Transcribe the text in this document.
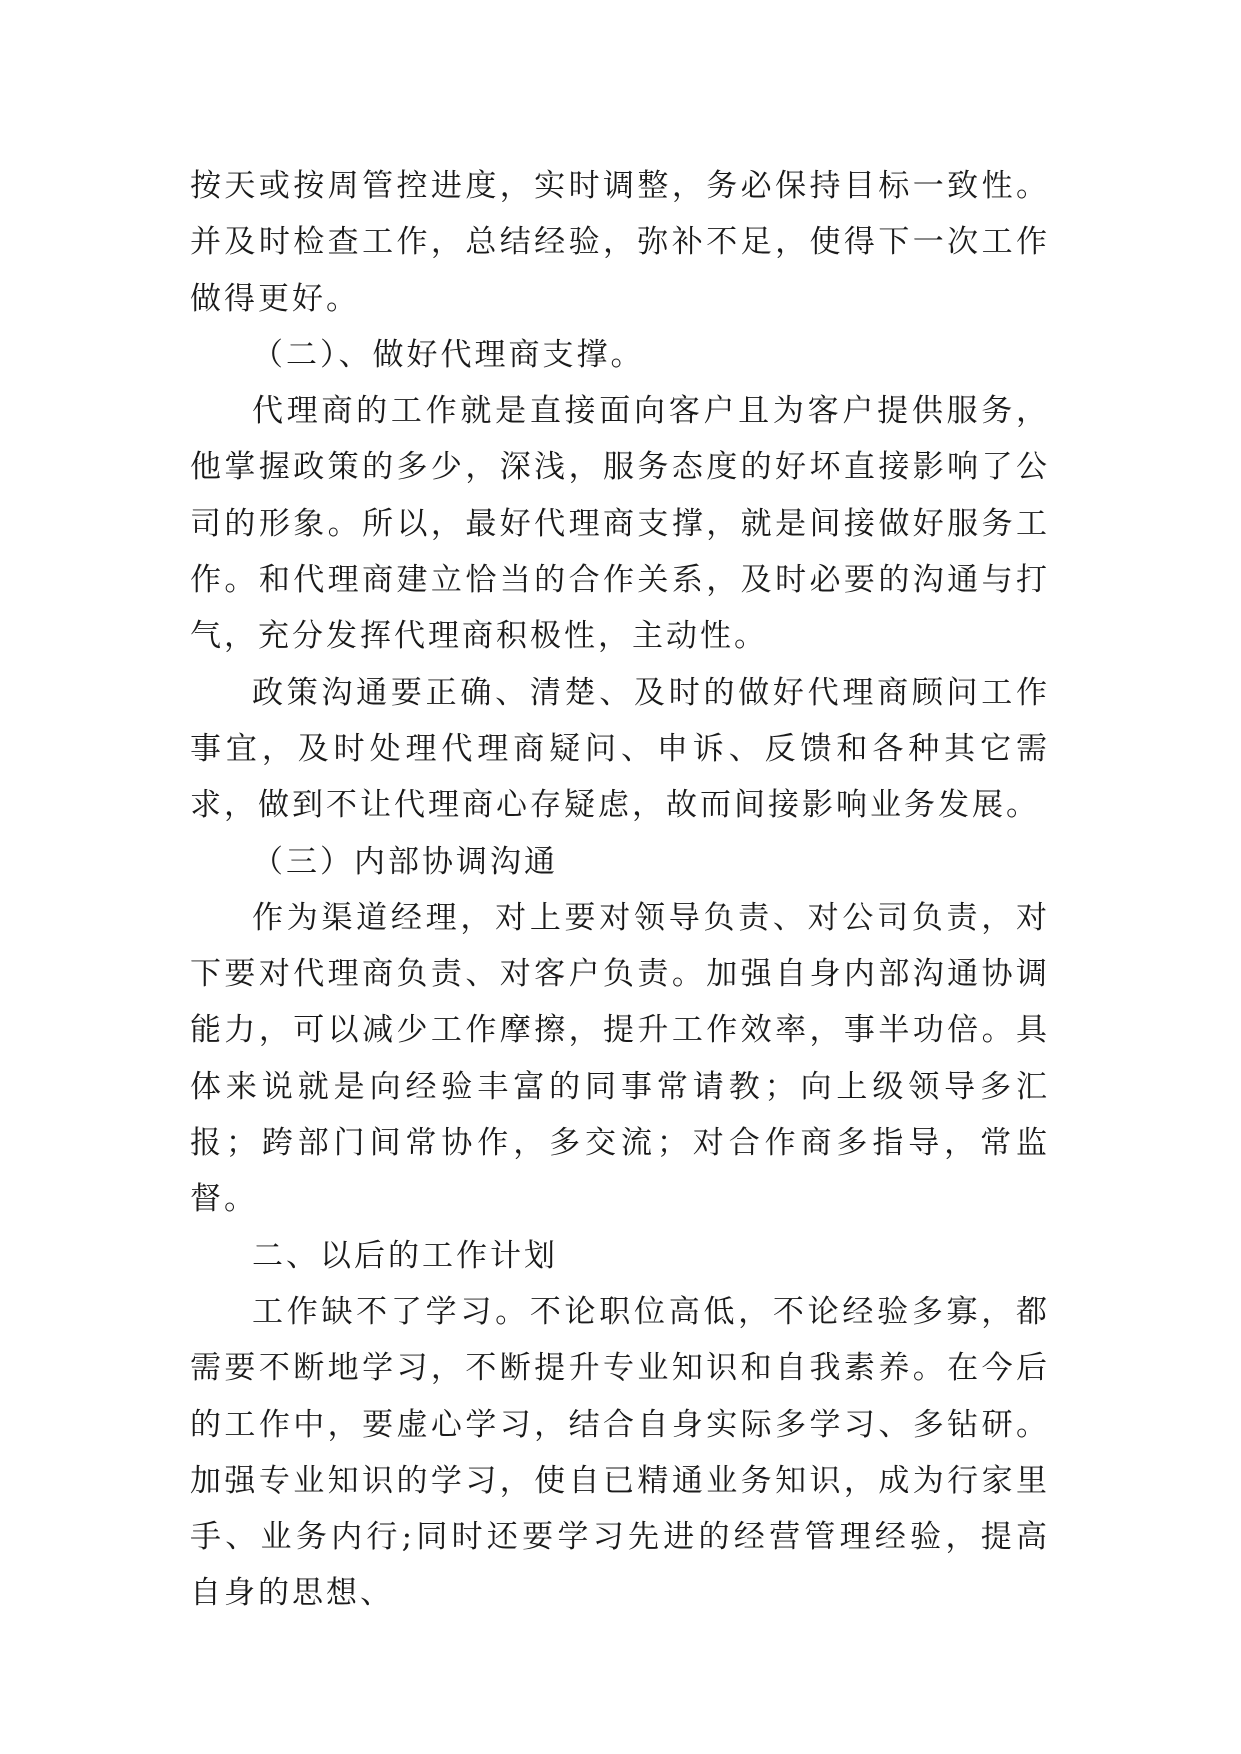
按天或按周管控进度，实时调整，务必保持目标一致性。并及时检查工作，总结经验，弥补不足，使得下一次工作做得更好。

（二）、做好代理商支撑。

代理商的工作就是直接面向客户且为客户提供服务，他掌握政策的多少，深浅，服务态度的好坏直接影响了公司的形象。所以，最好代理商支撑，就是间接做好服务工作。和代理商建立恰当的合作关系，及时必要的沟通与打气，充分发挥代理商积极性，主动性。

政策沟通要正确、清楚、及时的做好代理商顾问工作事宜，及时处理代理商疑问、申诉、反馈和各种其它需求，做到不让代理商心存疑虑，故而间接影响业务发展。

（三）内部协调沟通

作为渠道经理，对上要对领导负责、对公司负责，对下要对代理商负责、对客户负责。加强自身内部沟通协调能力，可以减少工作摩擦，提升工作效率，事半功倍。具体来说就是向经验丰富的同事常请教；向上级领导多汇报；跨部门间常协作，多交流；对合作商多指导，常监督。

二、以后的工作计划

工作缺不了学习。不论职位高低，不论经验多寡，都需要不断地学习，不断提升专业知识和自我素养。在今后的工作中，要虚心学习，结合自身实际多学习、多钻研。加强专业知识的学习，使自已精通业务知识，成为行家里手、业务内行;同时还要学习先进的经营管理经验，提高自身的思想、
